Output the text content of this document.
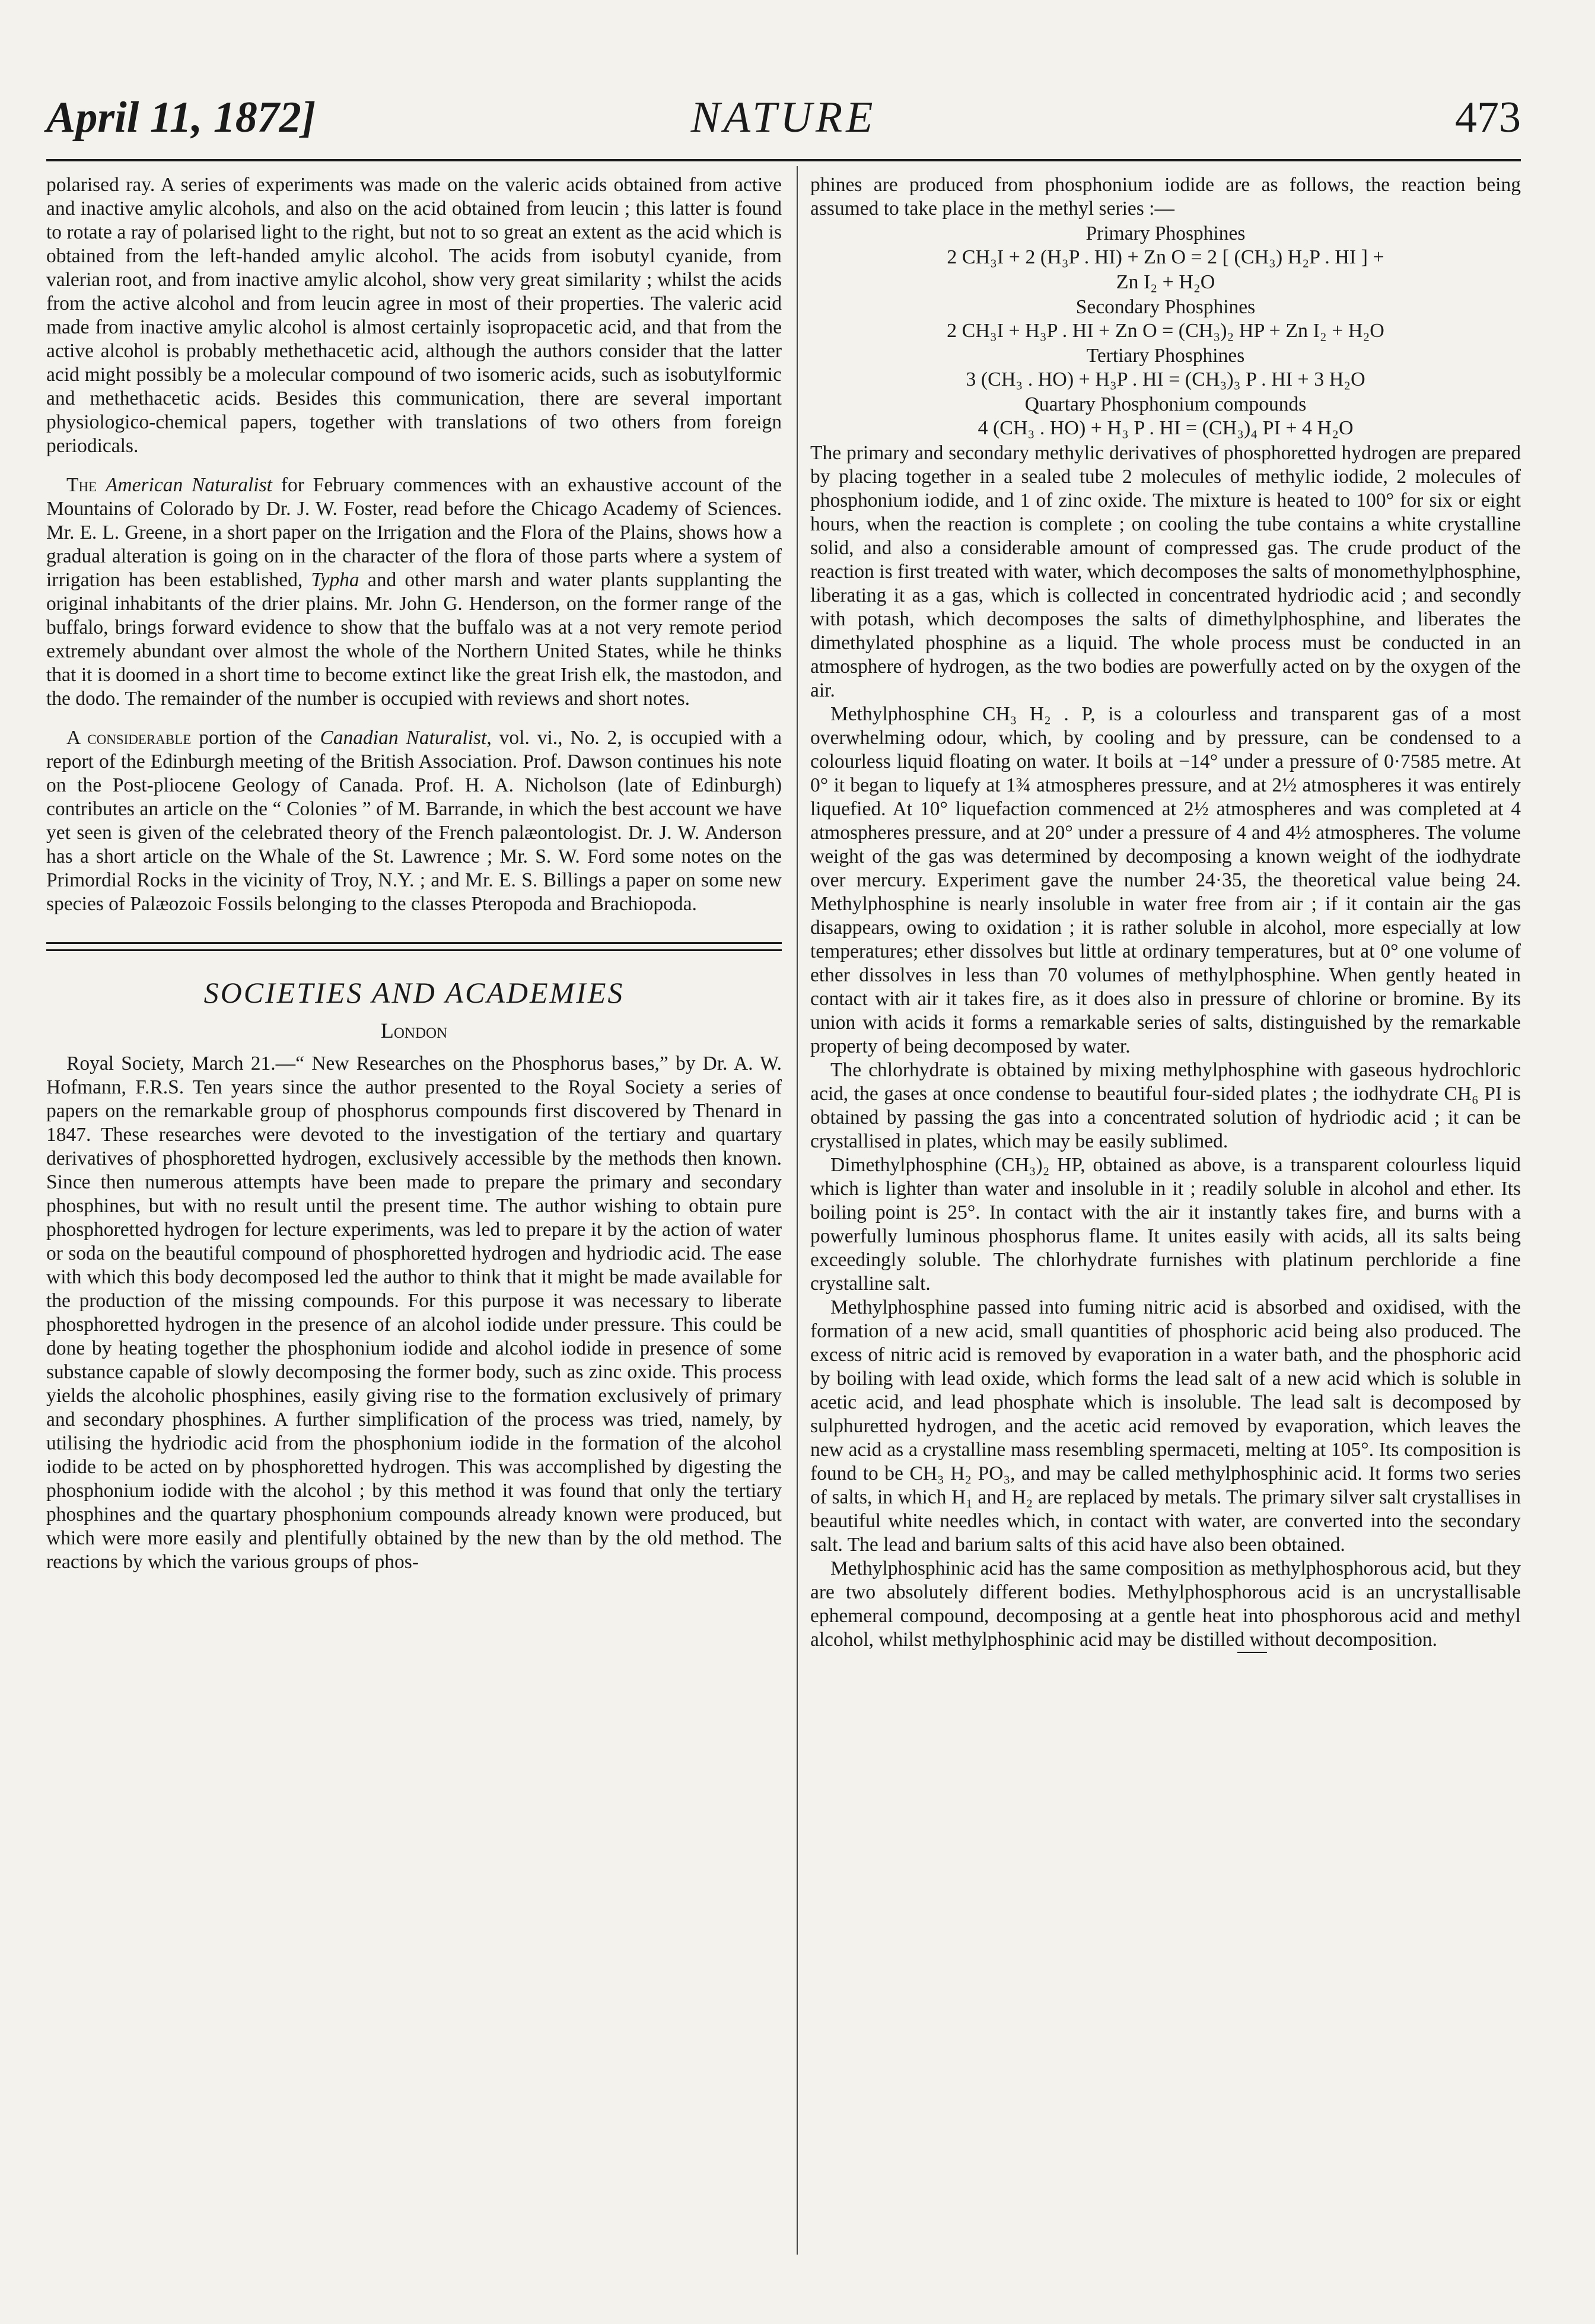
April 11, 1872]	NATURE	473

polarised ray. A series of experiments was made on the valeric acids obtained from active and inactive amylic alcohols, and also on the acid obtained from leucin ; this latter is found to rotate a ray of polarised light to the right, but not to so great an extent as the acid which is obtained from the left-handed amylic alcohol. The acids from isobutyl cyanide, from valerian root, and from inactive amylic alcohol, show very great similarity ; whilst the acids from the active alcohol and from leucin agree in most of their properties. The valeric acid made from inactive amylic alcohol is almost certainly isopropacetic acid, and that from the active alcohol is probably methethacetic acid, although the authors consider that the latter acid might possibly be a molecular compound of two isomeric acids, such as isobutylformic and methethacetic acids. Besides this communication, there are several important physiologico-chemical papers, together with translations of two others from foreign periodicals.

The American Naturalist for February commences with an exhaustive account of the Mountains of Colorado by Dr. J. W. Foster, read before the Chicago Academy of Sciences. Mr. E. L. Greene, in a short paper on the Irrigation and the Flora of the Plains, shows how a gradual alteration is going on in the character of the flora of those parts where a system of irrigation has been established, Typha and other marsh and water plants supplanting the original inhabitants of the drier plains. Mr. John G. Henderson, on the former range of the buffalo, brings forward evidence to show that the buffalo was at a not very remote period extremely abundant over almost the whole of the Northern United States, while he thinks that it is doomed in a short time to become extinct like the great Irish elk, the mastodon, and the dodo. The remainder of the number is occupied with reviews and short notes.

A considerable portion of the Canadian Naturalist, vol. vi., No. 2, is occupied with a report of the Edinburgh meeting of the British Association. Prof. Dawson continues his note on the Post-pliocene Geology of Canada. Prof. H. A. Nicholson (late of Edinburgh) contributes an article on the “ Colonies ” of M. Barrande, in which the best account we have yet seen is given of the celebrated theory of the French palæontologist. Dr. J. W. Anderson has a short article on the Whale of the St. Lawrence ; Mr. S. W. Ford some notes on the Primordial Rocks in the vicinity of Troy, N.Y. ; and Mr. E. S. Billings a paper on some new species of Palæozoic Fossils belonging to the classes Pteropoda and Brachiopoda.

SOCIETIES AND ACADEMIES
London

Royal Society, March 21.—“ New Researches on the Phosphorus bases,” by Dr. A. W. Hofmann, F.R.S. Ten years since the author presented to the Royal Society a series of papers on the remarkable group of phosphorus compounds first discovered by Thenard in 1847. These researches were devoted to the investigation of the tertiary and quartary derivatives of phosphoretted hydrogen, exclusively accessible by the methods then known. Since then numerous attempts have been made to prepare the primary and secondary phosphines, but with no result until the present time. The author wishing to obtain pure phosphoretted hydrogen for lecture experiments, was led to prepare it by the action of water or soda on the beautiful compound of phosphoretted hydrogen and hydriodic acid. The ease with which this body decomposed led the author to think that it might be made available for the production of the missing compounds. For this purpose it was necessary to liberate phosphoretted hydrogen in the presence of an alcohol iodide under pressure. This could be done by heating together the phosphonium iodide and alcohol iodide in presence of some substance capable of slowly decomposing the former body, such as zinc oxide. This process yields the alcoholic phosphines, easily giving rise to the formation exclusively of primary and secondary phosphines. A further simplification of the process was tried, namely, by utilising the hydriodic acid from the phosphonium iodide in the formation of the alcohol iodide to be acted on by phosphoretted hydrogen. This was accomplished by digesting the phosphonium iodide with the alcohol ; by this method it was found that only the tertiary phosphines and the quartary phosphonium compounds already known were produced, but which were more easily and plentifully obtained by the new than by the old method. The reactions by which the various groups of phos-

phines are produced from phosphonium iodide are as follows, the reaction being assumed to take place in the methyl series :—

Primary Phosphines
2 CH₃I + 2 (H₃P . HI) + Zn O = 2 [ (CH₃) H₂P . HI ] +
Zn I₂ + H₂O
Secondary Phosphines
2 CH₃I + H₃P . HI + Zn O = (CH₃)₂ HP + Zn I₂ + H₂O
Tertiary Phosphines
3 (CH₃ . HO) + H₃P . HI = (CH₃)₃ P . HI + 3 H₂O
Quartary Phosphonium compounds
4 (CH₃ . HO) + H₃ P . HI = (CH₃)₄ PI + 4 H₂O

The primary and secondary methylic derivatives of phosphoretted hydrogen are prepared by placing together in a sealed tube 2 molecules of methylic iodide, 2 molecules of phosphonium iodide, and 1 of zinc oxide. The mixture is heated to 100° for six or eight hours, when the reaction is complete ; on cooling the tube contains a white crystalline solid, and also a considerable amount of compressed gas. The crude product of the reaction is first treated with water, which decomposes the salts of monomethylphosphine, liberating it as a gas, which is collected in concentrated hydriodic acid ; and secondly with potash, which decomposes the salts of dimethylphosphine, and liberates the dimethylated phosphine as a liquid. The whole process must be conducted in an atmosphere of hydrogen, as the two bodies are powerfully acted on by the oxygen of the air.

Methylphosphine CH₃ H₂ . P, is a colourless and transparent gas of a most overwhelming odour, which, by cooling and by pressure, can be condensed to a colourless liquid floating on water. It boils at −14° under a pressure of 0·7585 metre. At 0° it began to liquefy at 1¾ atmospheres pressure, and at 2½ atmospheres it was entirely liquefied. At 10° liquefaction commenced at 2½ atmospheres and was completed at 4 atmospheres pressure, and at 20° under a pressure of 4 and 4½ atmospheres. The volume weight of the gas was determined by decomposing a known weight of the iodhydrate over mercury. Experiment gave the number 24·35, the theoretical value being 24. Methylphosphine is nearly insoluble in water free from air ; if it contain air the gas disappears, owing to oxidation ; it is rather soluble in alcohol, more especially at low temperatures; ether dissolves but little at ordinary temperatures, but at 0° one volume of ether dissolves in less than 70 volumes of methylphosphine. When gently heated in contact with air it takes fire, as it does also in pressure of chlorine or bromine. By its union with acids it forms a remarkable series of salts, distinguished by the remarkable property of being decomposed by water.

The chlorhydrate is obtained by mixing methylphosphine with gaseous hydrochloric acid, the gases at once condense to beautiful four-sided plates ; the iodhydrate CH₆ PI is obtained by passing the gas into a concentrated solution of hydriodic acid ; it can be crystallised in plates, which may be easily sublimed.

Dimethylphosphine (CH₃)₂ HP, obtained as above, is a transparent colourless liquid which is lighter than water and insoluble in it ; readily soluble in alcohol and ether. Its boiling point is 25°. In contact with the air it instantly takes fire, and burns with a powerfully luminous phosphorus flame. It unites easily with acids, all its salts being exceedingly soluble. The chlorhydrate furnishes with platinum perchloride a fine crystalline salt.

Methylphosphine passed into fuming nitric acid is absorbed and oxidised, with the formation of a new acid, small quantities of phosphoric acid being also produced. The excess of nitric acid is removed by evaporation in a water bath, and the phosphoric acid by boiling with lead oxide, which forms the lead salt of a new acid which is soluble in acetic acid, and lead phosphate which is insoluble. The lead salt is decomposed by sulphuretted hydrogen, and the acetic acid removed by evaporation, which leaves the new acid as a crystalline mass resembling spermaceti, melting at 105°. Its composition is found to be CH₃ H₂ PO₃, and may be called methylphosphinic acid. It forms two series of salts, in which H₁ and H₂ are replaced by metals. The primary silver salt crystallises in beautiful white needles which, in contact with water, are converted into the secondary salt. The lead and barium salts of this acid have also been obtained.

Methylphosphinic acid has the same composition as methylphosphorous acid, but they are two absolutely different bodies. Methylphosphorous acid is an uncrystallisable ephemeral compound, decomposing at a gentle heat into phosphorous acid and methyl alcohol, whilst methylphosphinic acid may be distilled without decomposition.
